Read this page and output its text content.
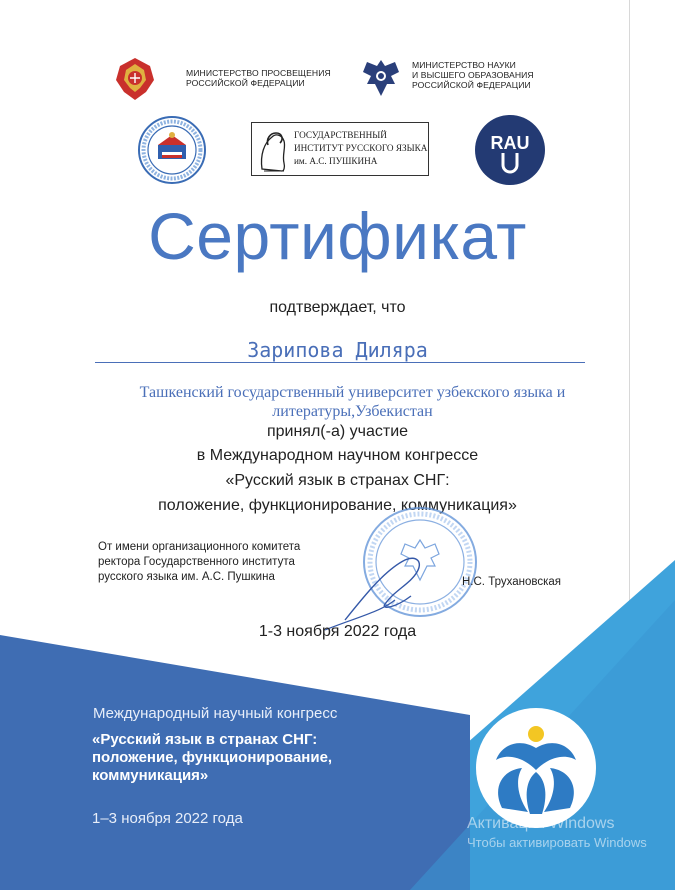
МИНИСТЕРСТВО ПРОСВЕЩЕНИЯ
РОССИЙСКОЙ ФЕДЕРАЦИИ
МИНИСТЕРСТВО НАУКИ
И ВЫСШЕГО ОБРАЗОВАНИЯ
РОССИЙСКОЙ ФЕДЕРАЦИИ
ГОСУДАРСТВЕННЫЙ
ИНСТИТУТ РУССКОГО ЯЗЫКА
им. А.С. ПУШКИНА
RAU
Сертификат
подтверждает, что
Зарипова Диляра
Ташкенский государственный университет узбекского языка и
литературы,Узбекистан
принял(-а) участие
в Международном научном конгрессе
«Русский язык в странах СНГ:
положение, функционирование, коммуникация»
От имени организационного комитета
ректора Государственного института
русского языка им. А.С. Пушкина	Н.С. Трухановская
1-3 ноября 2022 года
Международный научный конгресс
«Русский язык в странах СНГ:
положение, функционирование,
коммуникация»
1–3 ноября 2022 года	Активация Windows
Чтобы активировать Windows
